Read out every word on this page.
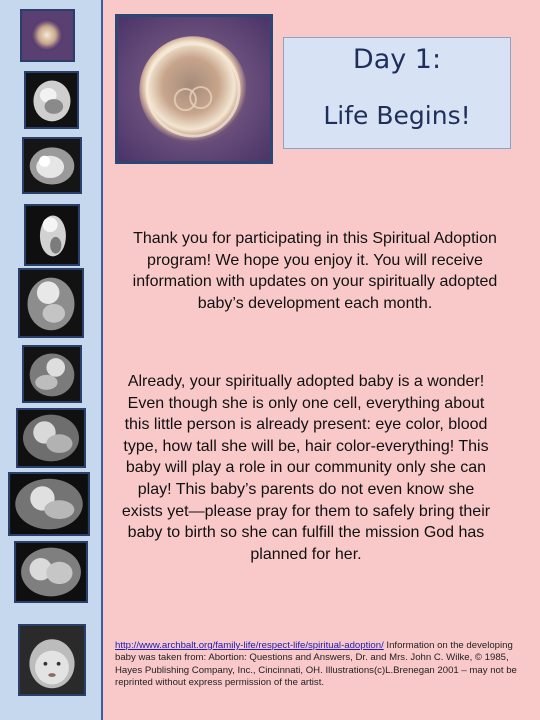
Day 1:
Life Begins!
Thank you for participating in this Spiritual Adoption program! We hope you enjoy it. You will receive information with updates on your spiritually adopted baby’s development each month.
Already, your spiritually adopted baby is a wonder! Even though she is only one cell, everything about this little person is already present: eye color, blood type, how tall she will be, hair color-everything! This baby will play a role in our community only she can play! This baby’s parents do not even know she exists yet—please pray for them to safely bring their baby to birth so she can fulfill the mission God has planned for her.
http://www.archbalt.org/family-life/respect-life/spiritual-adoption/ Information on the developing baby was taken from: Abortion: Questions and Answers, Dr. and Mrs. John C. Wilke, © 1985, Hayes Publishing Company, Inc., Cincinnati, OH. Illustrations(c)L.Brenegan 2001 – may not be reprinted without express permission of the artist.
